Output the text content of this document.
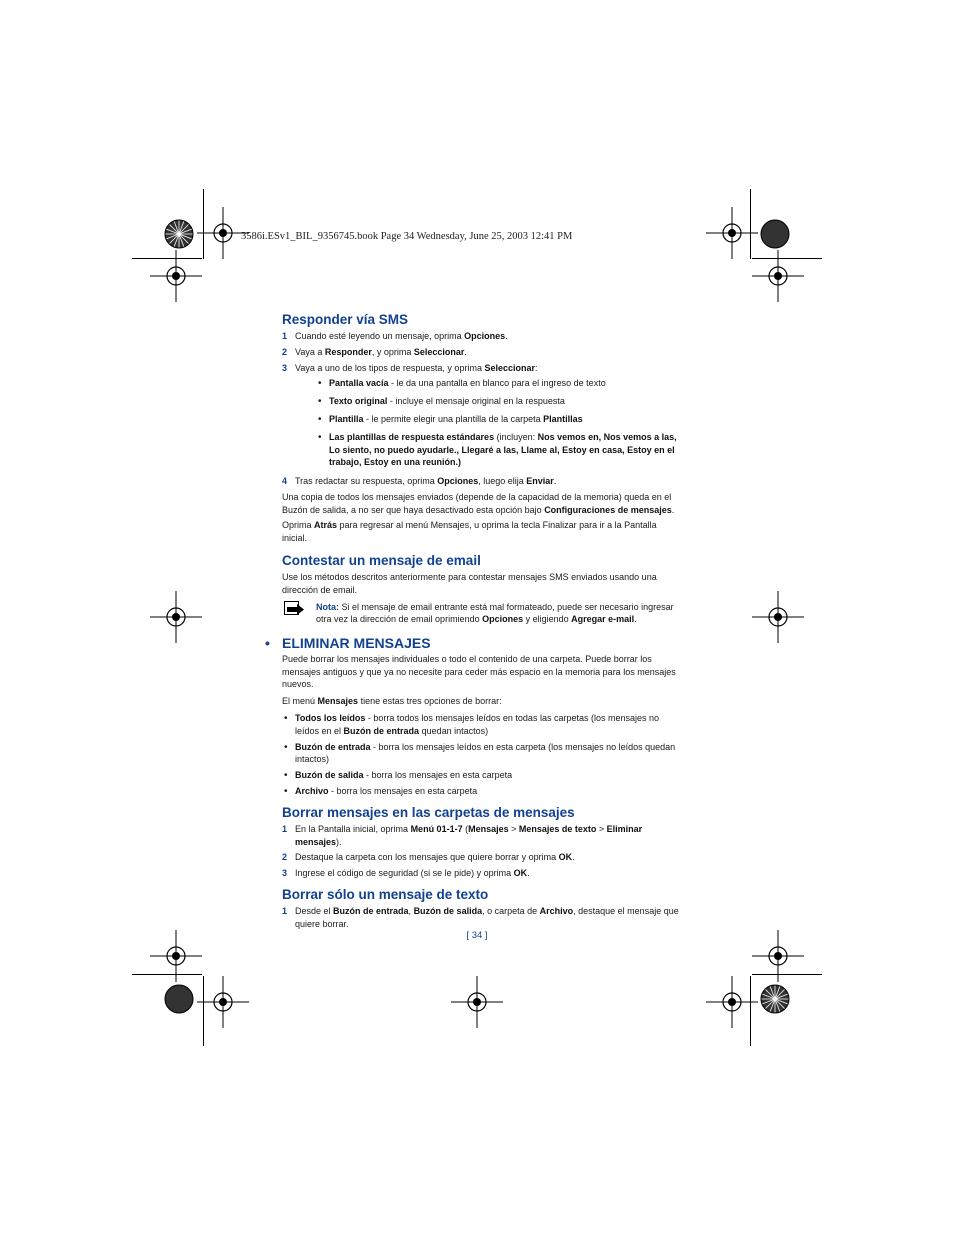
3586i.ESv1_BIL_9356745.book Page 34 Wednesday, June 25, 2003 12:41 PM
Responder vía SMS
1 Cuando esté leyendo un mensaje, oprima Opciones.
2 Vaya a Responder, y oprima Seleccionar.
3 Vaya a uno de los tipos de respuesta, y oprima Seleccionar:
• Pantalla vacía - le da una pantalla en blanco para el ingreso de texto
• Texto original - incluye el mensaje original en la respuesta
• Plantilla - le permite elegir una plantilla de la carpeta Plantillas
• Las plantillas de respuesta estándares (incluyen: Nos vemos en, Nos vemos a las, Lo siento, no puedo ayudarle., Llegaré a las, Llame al, Estoy en casa, Estoy en el trabajo, Estoy en una reunión.)
4 Tras redactar su respuesta, oprima Opciones, luego elija Enviar.

Una copia de todos los mensajes enviados (depende de la capacidad de la memoria) queda en el Buzón de salida, a no ser que haya desactivado esta opción bajo Configuraciones de mensajes.

Oprima Atrás para regresar al menú Mensajes, u oprima la tecla Finalizar para ir a la Pantalla inicial.

Contestar un mensaje de email

Use los métodos descritos anteriormente para contestar mensajes SMS enviados usando una dirección de email.

Nota: Si el mensaje de email entrante está mal formateado, puede ser necesario ingresar otra vez la dirección de email oprimiendo Opciones y eligiendo Agregar e-mail.
• ELIMINAR MENSAJES

Puede borrar los mensajes individuales o todo el contenido de una carpeta. Puede borrar los mensajes antiguos y que ya no necesite para ceder más espacio en la memoria para los mensajes nuevos.

El menú Mensajes tiene estas tres opciones de borrar:

• Todos los leídos - borra todos los mensajes leídos en todas las carpetas (los mensajes no leídos en el Buzón de entrada quedan intactos)
• Buzón de entrada - borra los mensajes leídos en esta carpeta (los mensajes no leídos quedan intactos)
• Buzón de salida - borra los mensajes en esta carpeta
• Archivo - borra los mensajes en esta carpeta
Borrar mensajes en las carpetas de mensajes
1 En la Pantalla inicial, oprima Menú 01-1-7 (Mensajes > Mensajes de texto > Eliminar mensajes).
2 Destaque la carpeta con los mensajes que quiere borrar y oprima OK.
3 Ingrese el código de seguridad (si se le pide) y oprima OK.
Borrar sólo un mensaje de texto
1 Desde el Buzón de entrada, Buzón de salida, o carpeta de Archivo, destaque el mensaje que quiere borrar.
[ 34 ]
